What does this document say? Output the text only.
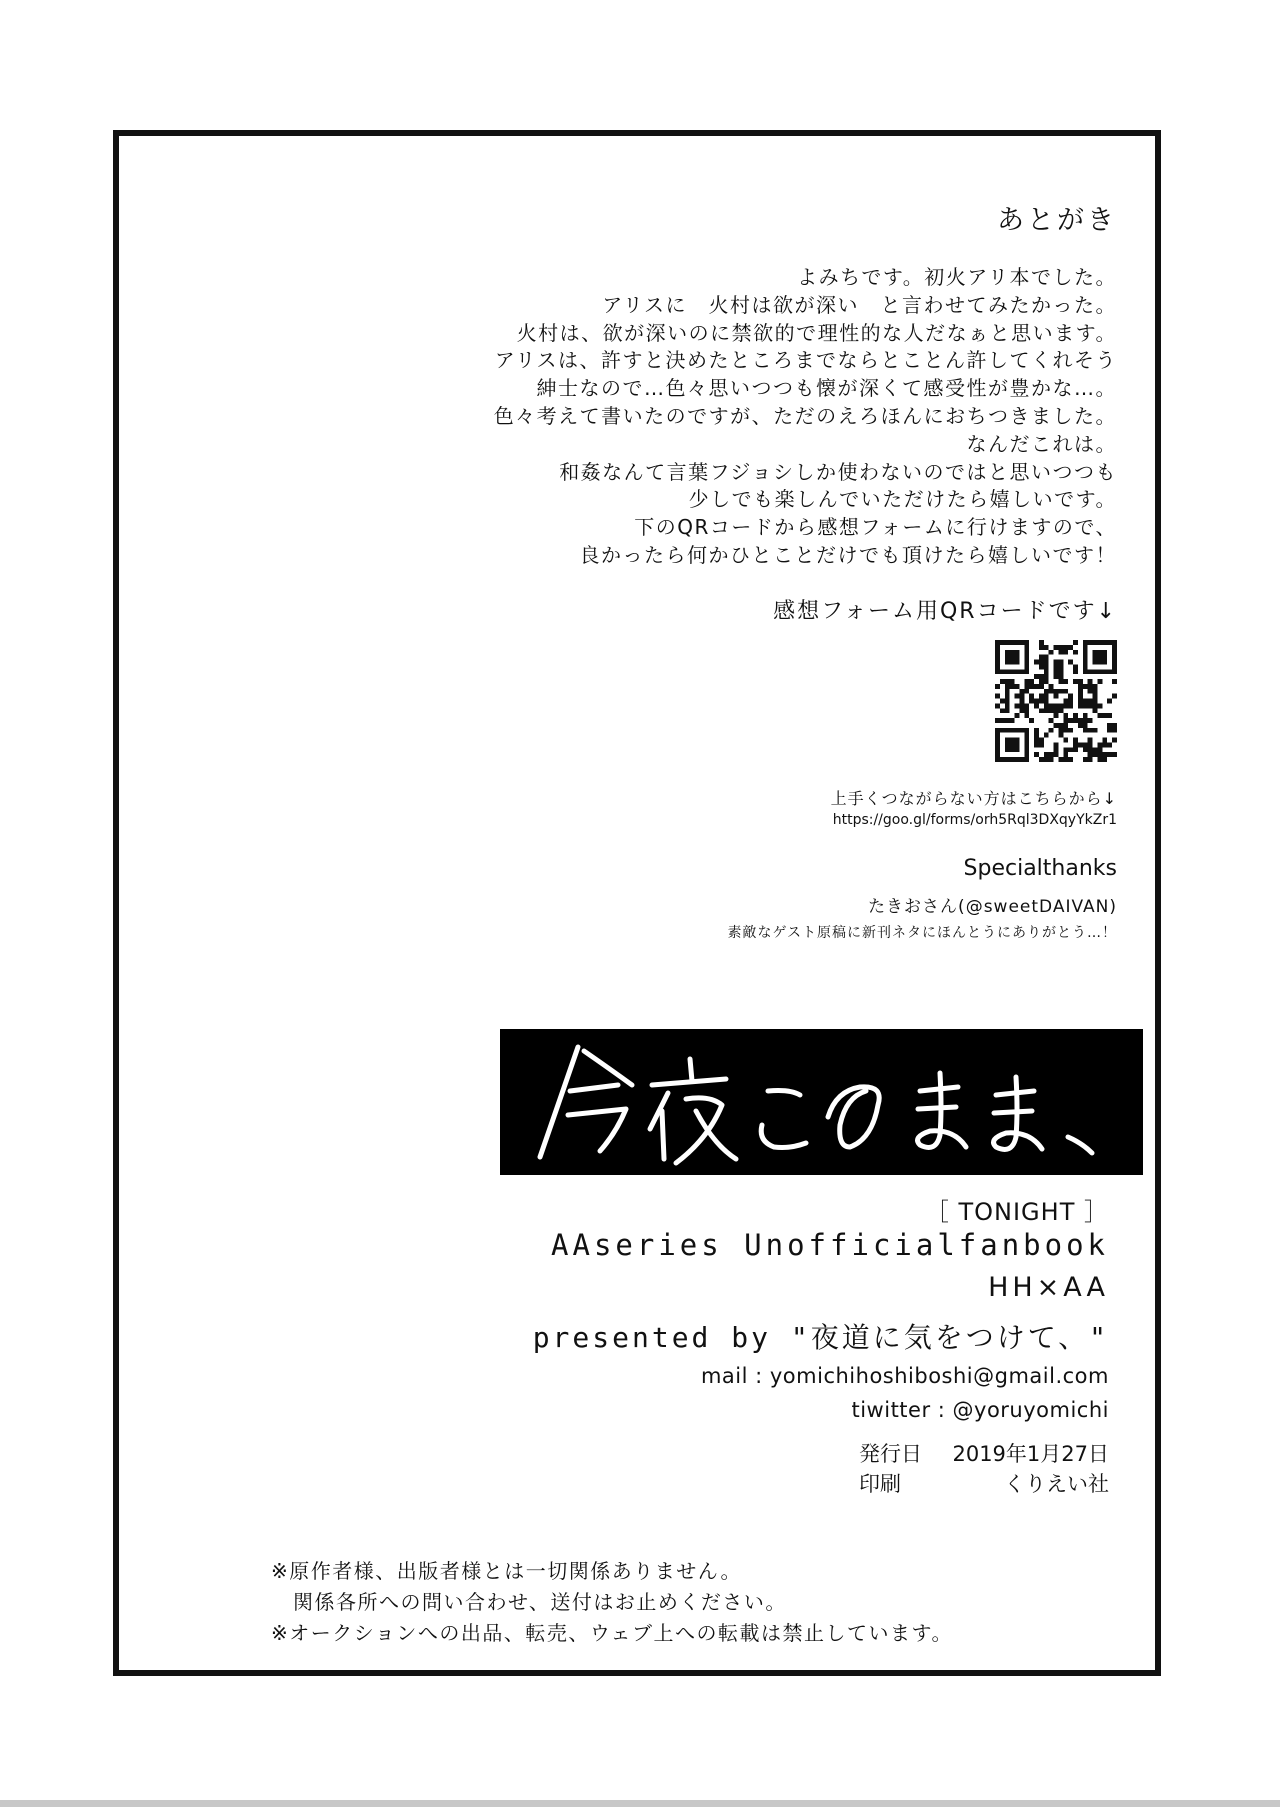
あとがき
よみちです。初火アリ本でした。
アリスに　火村は欲が深い　と言わせてみたかった。
火村は、欲が深いのに禁欲的で理性的な人だなぁと思います。
アリスは、許すと決めたところまでならとことん許してくれそう
紳士なので…色々思いつつも懐が深くて感受性が豊かな…。
色々考えて書いたのですが、ただのえろほんにおちつきました。
なんだこれは。
和姦なんて言葉フジョシしか使わないのではと思いつつも
少しでも楽しんでいただけたら嬉しいです。
下のQRコードから感想フォームに行けますので、
良かったら何かひとことだけでも頂けたら嬉しいです！
感想フォーム用QRコードです↓
上手くつながらない方はこちらから↓
https://goo.gl/forms/orh5Rql3DXqyYkZr1
Specialthanks
たきおさん(@sweetDAIVAN)
素敵なゲスト原稿に新刊ネタにほんとうにありがとう…！
［ TONIGHT ］
AAseries Unofficialfanbook
HH×AA
presented by "夜道に気をつけて、"
mail : yomichihoshiboshi@gmail.com
tiwitter : @yoruyomichi
発行日 2019年1月27日
印刷	くりえい社
※原作者様、出版者様とは一切関係ありません。
関係各所への問い合わせ、送付はお止めください。
※オークションへの出品、転売、ウェブ上への転載は禁止しています。
